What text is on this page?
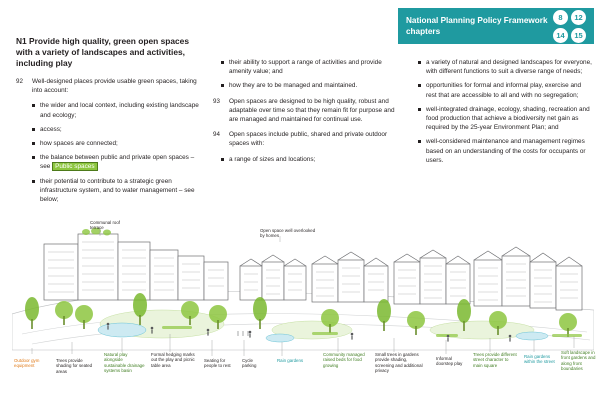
National Planning Policy Framework chapters
8	12
14	15
N1 Provide high quality, green open spaces with a variety of landscapes and activities, including play
92	Well-designed places provide usable green spaces, taking into account:
the wider and local context, including existing landscape and ecology;
access;
how spaces are connected;
the balance between public and private open spaces – see Public spaces
their potential to contribute to a strategic green infrastructure system, and to water management – see below;
their ability to support a range of activities and provide amenity value; and
how they are to be managed and maintained.
93	Open spaces are designed to be high quality, robust and adaptable over time so that they remain fit for purpose and are managed and maintained for continual use.
94	Open spaces include public, shared and private outdoor spaces with:
a range of sizes and locations;
a variety of natural and designed landscapes for everyone, with different functions to suit a diverse range of needs;
opportunities for formal and informal play, exercise and rest that are accessible to all and with no segregation;
well-integrated drainage, ecology, shading, recreation and food production that achieve a biodiversity net gain as required by the 25-year Environment Plan; and
well-considered maintenance and management regimes based on an understanding of the costs for occupants or users.
Communal roof terrace
Open space well overlooked by homes
Outdoor gym equipment
Trees provide shading for seated areas
Natural play alongside sustainable drainage systems basin
Formal hedging marks out the play and picnic table area
Seating for people to rest
Cycle parking
Rain gardens
Community managed raised beds for food growing
Small trees in gardens provide shading, screening and additional privacy
Informal doorstep play
Trees provide different street character to main square
Rain gardens within the street
Soft landscape in front gardens and along front boundaries
